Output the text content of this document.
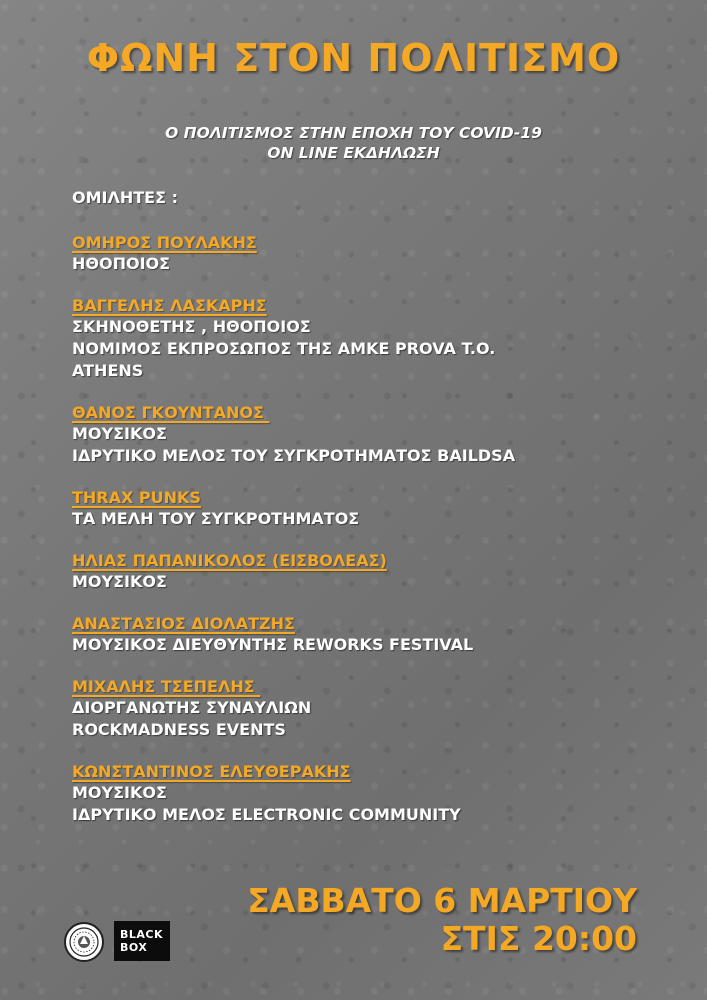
ΦΩΝΗ ΣΤΟΝ ΠΟΛΙΤΙΣΜΟ
Ο ΠΟΛΙΤΙΣΜΟΣ ΣΤΗΝ ΕΠΟΧΗ ΤΟΥ COVID-19
ON LINE ΕΚΔΗΛΩΣΗ
ΟΜΙΛΗΤΕΣ :
ΟΜΗΡΟΣ ΠΟΥΛΑΚΗΣ
ΗΘΟΠΟΙΟΣ
ΒΑΓΓΕΛΗΣ ΛΑΣΚΑΡΗΣ
ΣΚΗΝΟΘΕΤΗΣ , ΗΘΟΠΟΙΟΣ
ΝΟΜΙΜΟΣ ΕΚΠΡΟΣΩΠΟΣ ΤΗΣ ΑΜΚΕ PROVA T.O.
ATHENS
ΘΑΝΟΣ ΓΚΟΥΝΤΑΝΟΣ
ΜΟΥΣΙΚΟΣ
ΙΔΡΥΤΙΚΟ ΜΕΛΟΣ ΤΟΥ ΣΥΓΚΡΟΤΗΜΑΤΟΣ BAILDSA
THRAX PUNKS
ΤΑ ΜΕΛΗ ΤΟΥ ΣΥΓΚΡΟΤΗΜΑΤΟΣ
ΗΛΙΑΣ ΠΑΠΑΝΙΚΟΛΟΣ (ΕΙΣΒΟΛΕΑΣ)
ΜΟΥΣΙΚΟΣ
ΑΝΑΣΤΑΣΙΟΣ ΔΙΟΛΑΤΖΗΣ
ΜΟΥΣΙΚΟΣ ΔΙΕΥΘΥΝΤΗΣ REWORKS FESTIVAL
ΜΙΧΑΛΗΣ ΤΣΕΠΕΛΗΣ
ΔΙΟΡΓΑΝΩΤΗΣ ΣΥΝΑΥΛΙΩΝ
ROCKMADNESS EVENTS
ΚΩΝΣΤΑΝΤΙΝΟΣ ΕΛΕΥΘΕΡΑΚΗΣ
ΜΟΥΣΙΚΟΣ
ΙΔΡΥΤΙΚΟ ΜΕΛΟΣ ELECTRONIC COMMUNITY
ΣΑΒΒΑΤΟ 6 ΜΑΡΤΙΟΥ
ΣΤΙΣ 20:00
BLACK
BOX
